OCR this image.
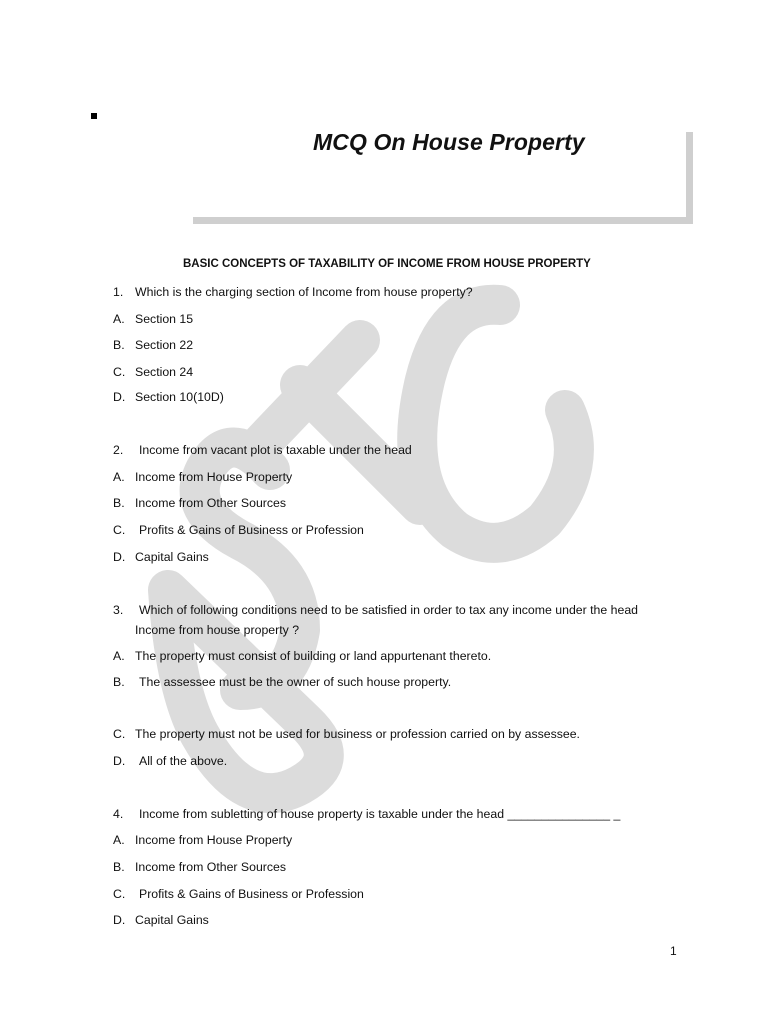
MCQ On House Property
BASIC CONCEPTS OF TAXABILITY OF INCOME FROM HOUSE PROPERTY
1. Which is the charging section of Income from house property?
A. Section 15
B. Section 22
C. Section 24
D. Section 10(10D)
2. Income from vacant plot is taxable under the head
A. Income from House Property
B. Income from Other Sources
C. Profits & Gains of Business or Profession
D. Capital Gains
3. Which of following conditions need to be satisfied in order to tax any income under the head
Income from house property ?
A. The property must consist of building or land appurtenant thereto.
B. The assessee must be the owner of such house property.
C. The property must not be used for business or profession carried on by assessee.
D. All of the above.
4. Income from subletting of house property is taxable under the head _______________ _
A. Income from House Property
B. Income from Other Sources
C. Profits & Gains of Business or Profession
D. Capital Gains
1
